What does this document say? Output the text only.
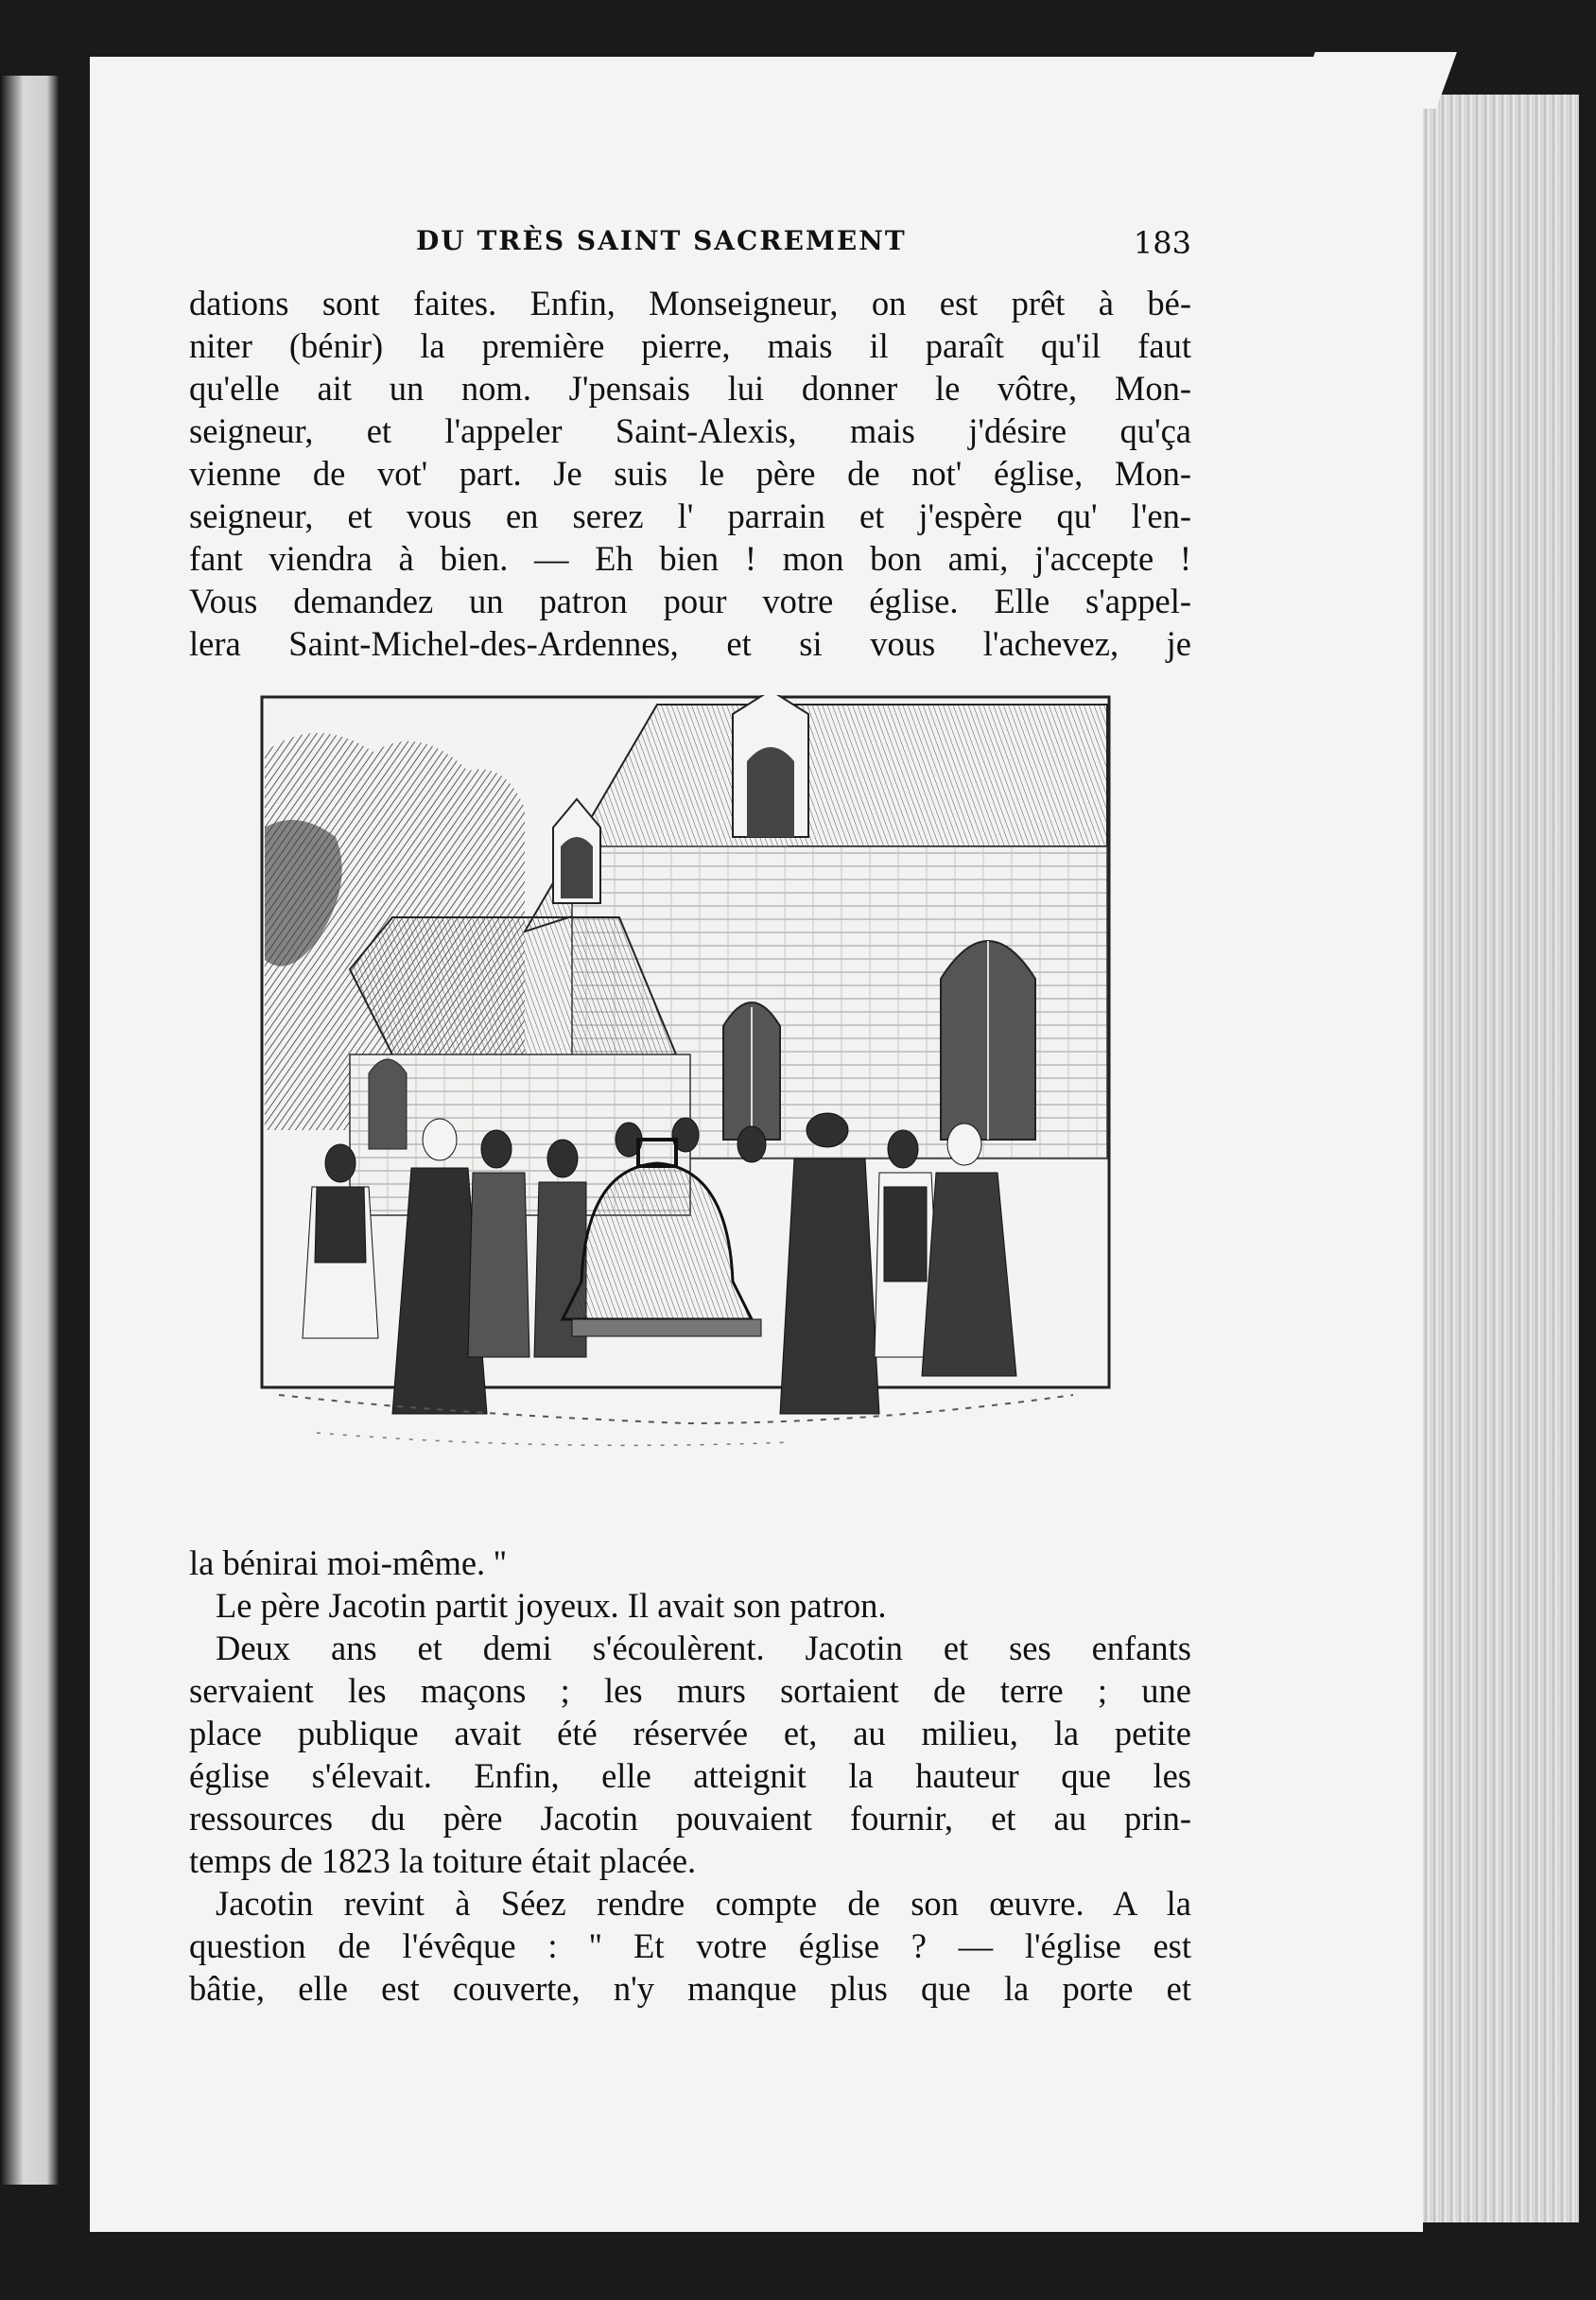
DU TRÈS SAINT SACREMENT	183
dations sont faites. Enfin, Monseigneur, on est prêt à bé-
niter (bénir) la première pierre, mais il paraît qu'il faut
qu'elle ait un nom. J'pensais lui donner le vôtre, Mon-
seigneur, et l'appeler Saint-Alexis, mais j'désire qu'ça
vienne de vot' part. Je suis le père de not' église, Mon-
seigneur, et vous en serez l' parrain et j'espère qu' l'en-
fant viendra à bien. — Eh bien ! mon bon ami, j'accepte !
Vous demandez un patron pour votre église. Elle s'appel-
lera Saint-Michel-des-Ardennes, et si vous l'achevez, je
la bénirai moi-même. ''
Le père Jacotin partit joyeux. Il avait son patron.
Deux ans et demi s'écoulèrent. Jacotin et ses enfants
servaient les maçons ; les murs sortaient de terre ; une
place publique avait été réservée et, au milieu, la petite
église s'élevait. Enfin, elle atteignit la hauteur que les
ressources du père Jacotin pouvaient fournir, et au prin-
temps de 1823 la toiture était placée.
Jacotin revint à Séez rendre compte de son œuvre. A la
question de l'évêque : '' Et votre église ? — l'église est
bâtie, elle est couverte, n'y manque plus que la porte et
